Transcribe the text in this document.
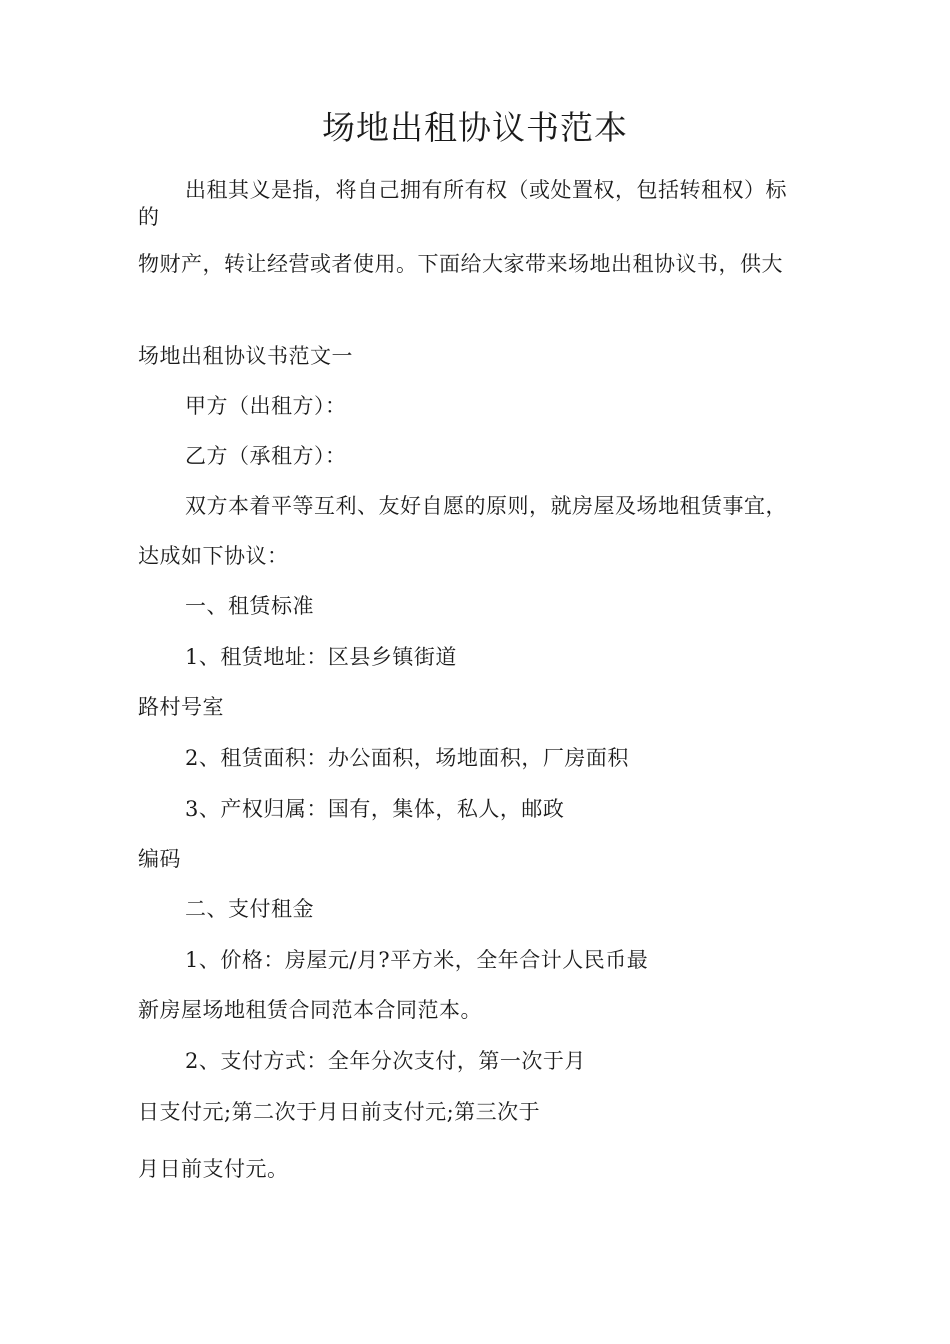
场地出租协议书范本
出租其义是指，将自己拥有所有权（或处置权，包括转租权）标
的
物财产，转让经营或者使用。下面给大家带来场地出租协议书，供大
场地出租协议书范文一
甲方（出租方）：
乙方（承租方）：
双方本着平等互利、友好自愿的原则，就房屋及场地租赁事宜，
达成如下协议：
一、租赁标准
1、租赁地址：区县乡镇街道
路村号室
2、租赁面积：办公面积，场地面积，厂房面积
3、产权归属：国有，集体，私人，邮政
编码
二、支付租金
1、价格：房屋元/月?平方米，全年合计人民币最
新房屋场地租赁合同范本合同范本。
2、支付方式：全年分次支付，第一次于月
日支付元;第二次于月日前支付元;第三次于
月日前支付元。
